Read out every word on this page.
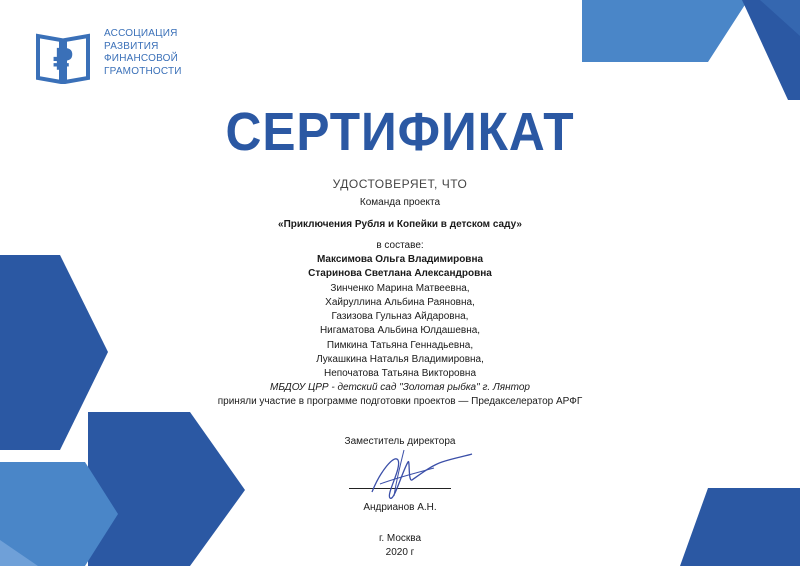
₽
АССОЦИАЦИЯ
РАЗВИТИЯ
ФИНАНСОВОЙ
ГРАМОТНОСТИ
СЕРТИФИКАТ
УДОСТОВЕРЯЕТ, ЧТО
Команда проекта
«Приключения Рубля и Копейки в детском саду»
в составе:
Максимова Ольга Владимировна
Старинова Светлана Александровна
Зинченко Марина Матвеевна,
Хайруллина Альбина Раяновна,
Газизова Гульназ Айдаровна,
Нигаматова Альбина Юлдашевна,
Пимкина Татьяна Геннадьевна,
Лукашкина Наталья Владимировна,
Непочатова Татьяна Викторовна
МБДОУ ЦРР - детский сад "Золотая рыбка" г. Лянтор
приняли участие в программе подготовки проектов — Предакселератор АРФГ
Заместитель директора
Андрианов А.Н.
г. Москва
2020 г
